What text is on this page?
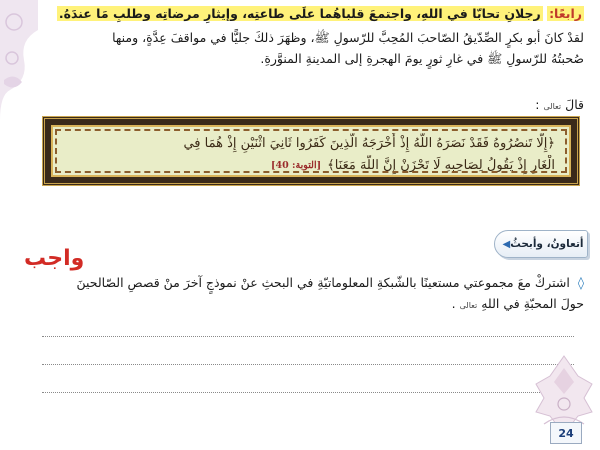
رابعًا: رجلانِ تحابّا في اللهِ، واجتمعَ قلباهُما علَى طاعتِه، وإيثارِ مرضاتِه وطلبِ مَا عندَهُ.

لقدْ كانَ أبو بكرٍ الصِّدّيقُ الصّاحبَ المُحِبَّ للرّسولِ ﷺ، وظهَرَ ذلكَ جليًّا في مواقفَ عِدَّةٍ، ومنها

صُحبتُهُ للرّسولِ ﷺ في غارِ ثورٍ يومَ الهجرةِ إلى المدينةِ المنوَّرةِ.

قالَ تعالى :
﴿إِلَّا تَنصُرُوهُ فَقَدْ نَصَرَهُ اللَّهُ إِذْ أَخْرَجَهُ الَّذِينَ كَفَرُوا ثَانِيَ اثْنَيْنِ إِذْ هُمَا فِي
الْغَارِ إِذْ يَقُولُ لِصَاحِبِهِ لَا تَحْزَنْ إِنَّ اللَّهَ مَعَنَا﴾
[التوبة: 40]
أتعاونُ، وأبحثُ
◀
واجب
◊ اشتركْ معَ مجموعتي مستعينًا بالشّبكةِ المعلوماتيّةِ في البحثِ عنْ نموذجٍ آخرَ منْ قصصِ الصّالحينَ
حولَ المحبّةِ في اللهِ تعالى .
24
